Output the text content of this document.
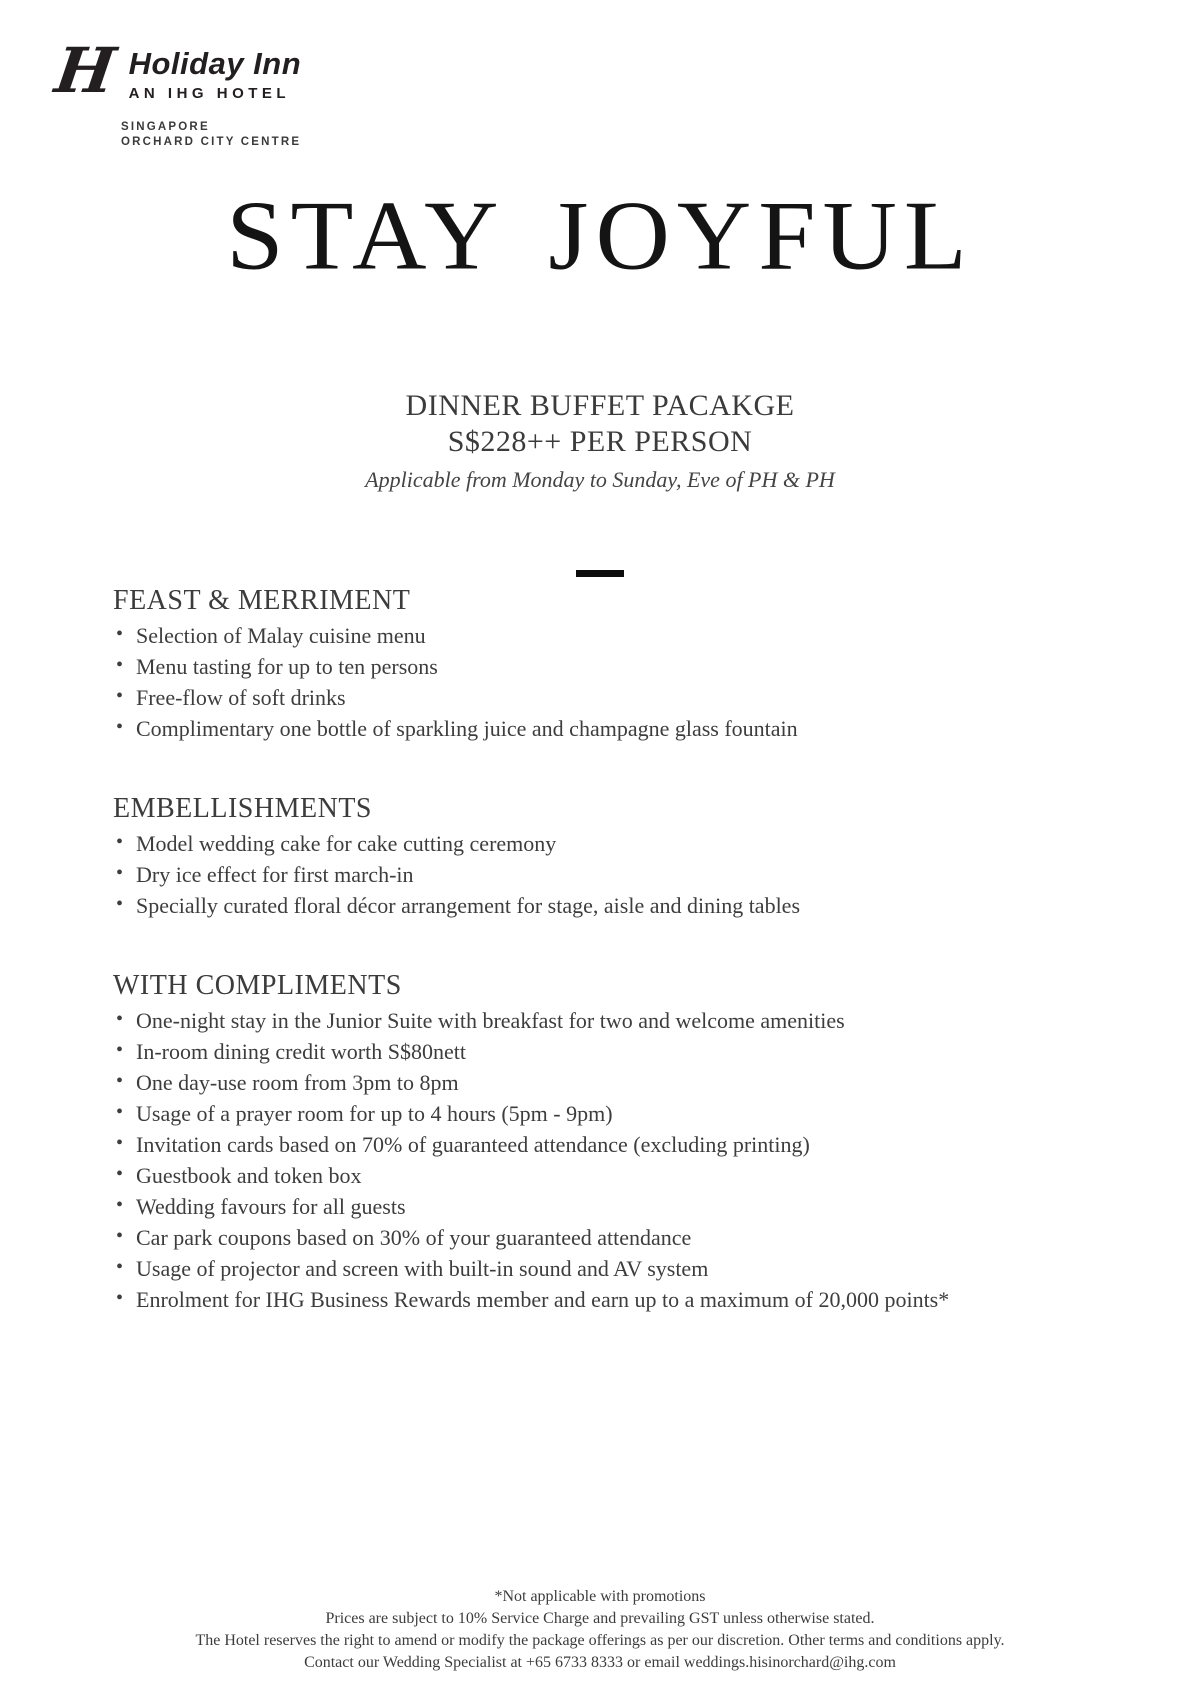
H Holiday Inn
AN IHG HOTEL
SINGAPORE
ORCHARD CITY CENTRE
STAY JOYFUL
DINNER BUFFET PACAKGE
S$228++ PER PERSON
Applicable from Monday to Sunday, Eve of PH & PH
FEAST & MERRIMENT
• Selection of Malay cuisine menu
• Menu tasting for up to ten persons
• Free-flow of soft drinks
• Complimentary one bottle of sparkling juice and champagne glass fountain
EMBELLISHMENTS
• Model wedding cake for cake cutting ceremony
• Dry ice effect for first march-in
• Specially curated floral décor arrangement for stage, aisle and dining tables
WITH COMPLIMENTS
• One-night stay in the Junior Suite with breakfast for two and welcome amenities
• In-room dining credit worth S$80nett
• One day-use room from 3pm to 8pm
• Usage of a prayer room for up to 4 hours (5pm - 9pm)
• Invitation cards based on 70% of guaranteed attendance (excluding printing)
• Guestbook and token box
• Wedding favours for all guests
• Car park coupons based on 30% of your guaranteed attendance
• Usage of projector and screen with built-in sound and AV system
• Enrolment for IHG Business Rewards member and earn up to a maximum of 20,000 points*
*Not applicable with promotions
Prices are subject to 10% Service Charge and prevailing GST unless otherwise stated.
The Hotel reserves the right to amend or modify the package offerings as per our discretion. Other terms and conditions apply.
Contact our Wedding Specialist at +65 6733 8333 or email weddings.hisinorchard@ihg.com
